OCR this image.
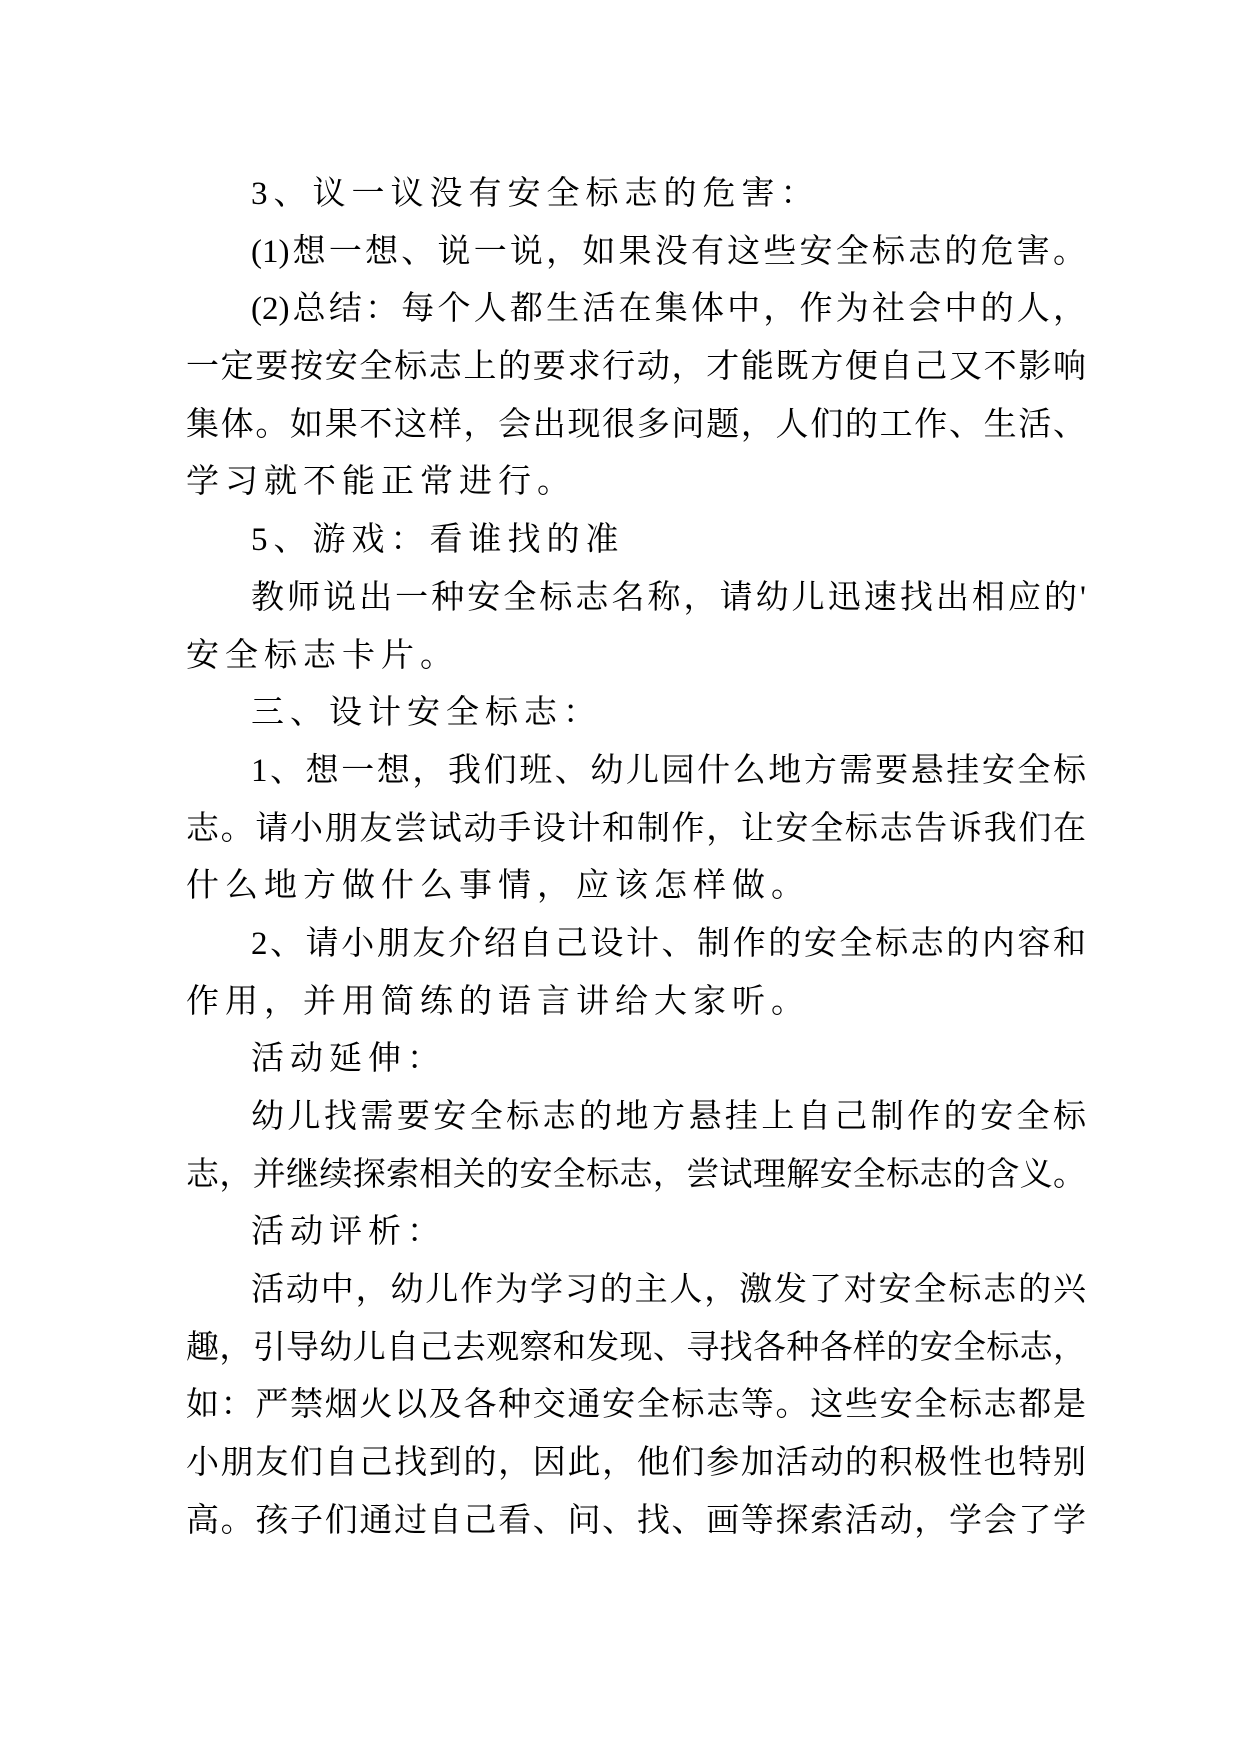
3、议一议没有安全标志的危害：
(1)想一想、说一说，如果没有这些安全标志的危害。
(2)总结：每个人都生活在集体中，作为社会中的人，
一定要按安全标志上的要求行动，才能既方便自己又不影响
集体。如果不这样，会出现很多问题，人们的工作、生活、
学习就不能正常进行。
5、游戏：看谁找的准
教师说出一种安全标志名称，请幼儿迅速找出相应的'
安全标志卡片。
三、设计安全标志：
1、想一想，我们班、幼儿园什么地方需要悬挂安全标
志。请小朋友尝试动手设计和制作，让安全标志告诉我们在
什么地方做什么事情，应该怎样做。
2、请小朋友介绍自己设计、制作的安全标志的内容和
作用，并用简练的语言讲给大家听。
活动延伸：
幼儿找需要安全标志的地方悬挂上自己制作的安全标
志，并继续探索相关的安全标志，尝试理解安全标志的含义。
活动评析：
活动中，幼儿作为学习的主人，激发了对安全标志的兴
趣，引导幼儿自己去观察和发现、寻找各种各样的安全标志，
如：严禁烟火以及各种交通安全标志等。这些安全标志都是
小朋友们自己找到的，因此，他们参加活动的积极性也特别
高。孩子们通过自己看、问、找、画等探索活动，学会了学
